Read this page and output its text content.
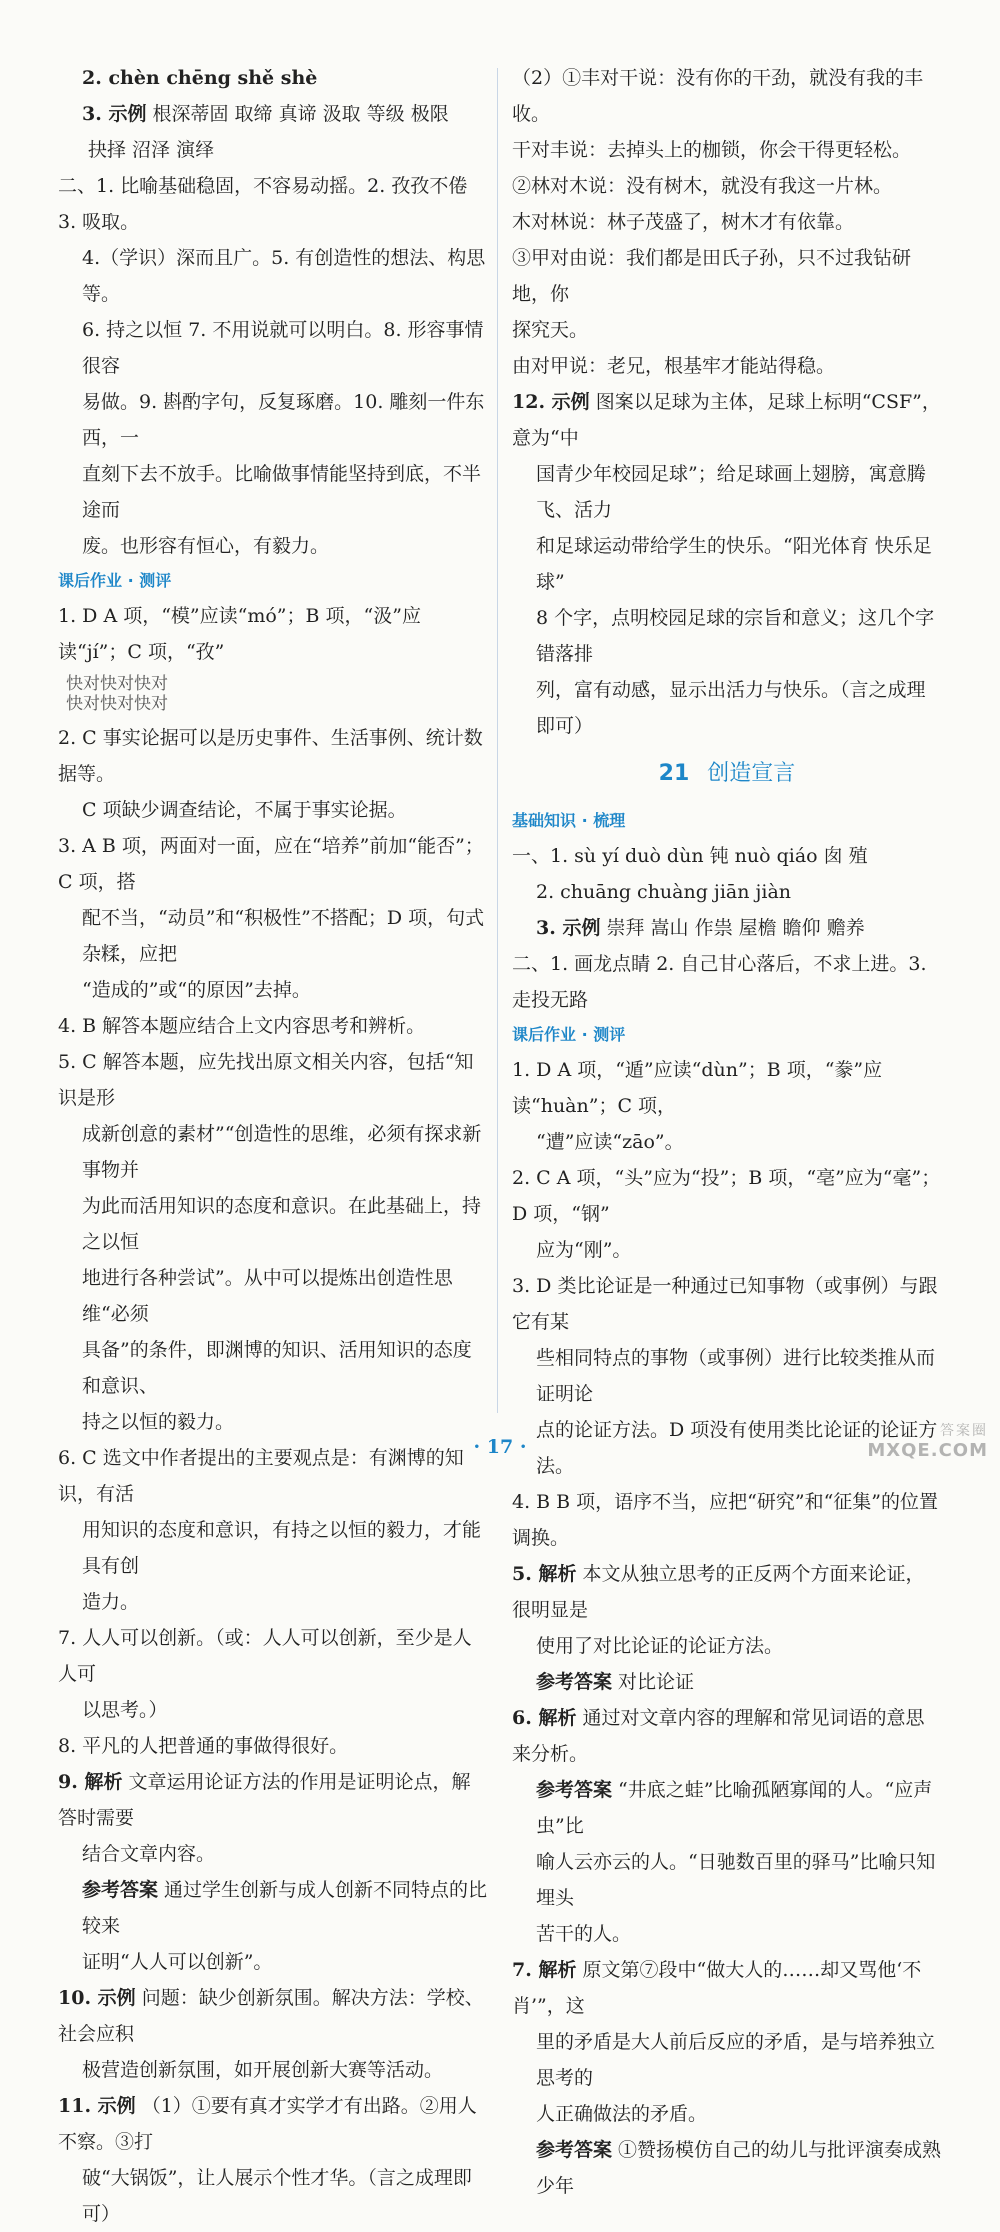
2. chèn chēng shě shè

3. 示例 根深蒂固 取缔 真谛 汲取 等级 极限

抉择 沼泽 演绎

二、1. 比喻基础稳固，不容易动摇。2. 孜孜不倦 3. 吸取。

4.（学识）深而且广。5. 有创造性的想法、构思等。

6. 持之以恒 7. 不用说就可以明白。8. 形容事情很容

易做。9. 斟酌字句，反复琢磨。10. 雕刻一件东西，一

直刻下去不放手。比喻做事情能坚持到底，不半途而

废。也形容有恒心，有毅力。

课后作业 · 测评

1. D A 项，“模”应读“mó”；B 项，“汲”应读“jí”；C 项，“孜”

快对快对快对
快对快对快对

2. C 事实论据可以是历史事件、生活事例、统计数据等。

C 项缺少调查结论，不属于事实论据。

3. A B 项，两面对一面，应在“培养”前加“能否”；C 项，搭

配不当，“动员”和“积极性”不搭配；D 项，句式杂糅，应把

“造成的”或“的原因”去掉。

4. B 解答本题应结合上文内容思考和辨析。

5. C 解答本题，应先找出原文相关内容，包括“知识是形

成新创意的素材”“创造性的思维，必须有探求新事物并

为此而活用知识的态度和意识。在此基础上，持之以恒

地进行各种尝试”。从中可以提炼出创造性思维“必须

具备”的条件，即渊博的知识、活用知识的态度和意识、

持之以恒的毅力。

6. C 选文中作者提出的主要观点是：有渊博的知识，有活

用知识的态度和意识，有持之以恒的毅力，才能具有创

造力。

7. 人人可以创新。（或：人人可以创新，至少是人人可

以思考。）

8. 平凡的人把普通的事做得很好。

9. 解析 文章运用论证方法的作用是证明论点，解答时需要

结合文章内容。

参考答案 通过学生创新与成人创新不同特点的比较来

证明“人人可以创新”。

10. 示例 问题：缺少创新氛围。解决方法：学校、社会应积

极营造创新氛围，如开展创新大赛等活动。

11. 示例 （1）①要有真才实学才有出路。②用人不察。③打

破“大锅饭”，让人展示个性才华。（言之成理即可）

（2）①丰对干说：没有你的干劲，就没有我的丰收。

干对丰说：去掉头上的枷锁，你会干得更轻松。

②林对木说：没有树木，就没有我这一片林。

木对林说：林子茂盛了，树木才有依靠。

③甲对由说：我们都是田氏子孙，只不过我钻研地，你

探究天。

由对甲说：老兄，根基牢才能站得稳。

12. 示例 图案以足球为主体，足球上标明“CSF”，意为“中

国青少年校园足球”；给足球画上翅膀，寓意腾飞、活力

和足球运动带给学生的快乐。“阳光体育 快乐足球”

8 个字，点明校园足球的宗旨和意义；这几个字错落排

列，富有动感，显示出活力与快乐。（言之成理即可）

21 创造宣言

基础知识 · 梳理

一、1. sù yí duò dùn 钝 nuò qiáo 囱 殖

2. chuāng chuàng jiān jiàn

3. 示例 崇拜 嵩山 作祟 屋檐 瞻仰 赡养

二、1. 画龙点睛 2. 自己甘心落后，不求上进。3. 走投无路

课后作业 · 测评

1. D A 项，“遁”应读“dùn”；B 项，“豢”应读“huàn”；C 项，

“遭”应读“zāo”。

2. C A 项，“头”应为“投”；B 项，“亳”应为“毫”；D 项，“钢”

应为“刚”。

3. D 类比论证是一种通过已知事物（或事例）与跟它有某

些相同特点的事物（或事例）进行比较类推从而证明论

点的论证方法。D 项没有使用类比论证的论证方法。

4. B B 项，语序不当，应把“研究”和“征集”的位置调换。

5. 解析 本文从独立思考的正反两个方面来论证，很明显是

使用了对比论证的论证方法。

参考答案 对比论证

6. 解析 通过对文章内容的理解和常见词语的意思来分析。

参考答案 “井底之蛙”比喻孤陋寡闻的人。“应声虫”比

喻人云亦云的人。“日驰数百里的驿马”比喻只知埋头

苦干的人。

7. 解析 原文第⑦段中“做大人的……却又骂他‘不肖’”，这

里的矛盾是大人前后反应的矛盾，是与培养独立思考的

人正确做法的矛盾。

参考答案 ①赞扬模仿自己的幼儿与批评演奏成熟少年

· 17 ·
答案圈
MXQE.COM
